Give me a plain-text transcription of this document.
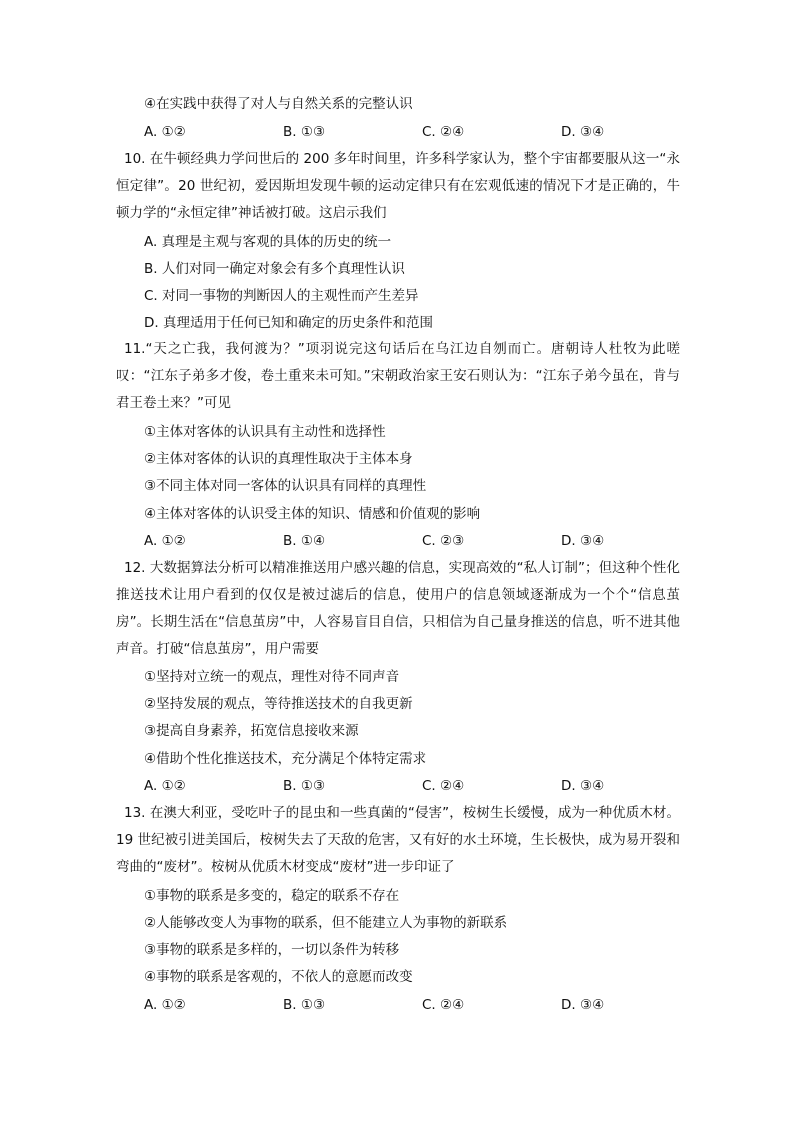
④在实践中获得了对人与自然关系的完整认识
A. ①②	B. ①③	C. ②④	D. ③④
10. 在牛顿经典力学问世后的 200 多年时间里，许多科学家认为，整个宇宙都要服从这一“永恒定律”。20 世纪初，爱因斯坦发现牛顿的运动定律只有在宏观低速的情况下才是正确的，牛顿力学的“永恒定律”神话被打破。这启示我们
A. 真理是主观与客观的具体的历史的统一
B. 人们对同一确定对象会有多个真理性认识
C. 对同一事物的判断因人的主观性而产生差异
D. 真理适用于任何已知和确定的历史条件和范围
11.“天之亡我，我何渡为？”项羽说完这句话后在乌江边自刎而亡。唐朝诗人杜牧为此嗟叹：“江东子弟多才俊，卷土重来未可知。”宋朝政治家王安石则认为：“江东子弟今虽在，肯与君王卷土来？”可见
①主体对客体的认识具有主动性和选择性
②主体对客体的认识的真理性取决于主体本身
③不同主体对同一客体的认识具有同样的真理性
④主体对客体的认识受主体的知识、情感和价值观的影响
A. ①②	B. ①④	C. ②③	D. ③④
12. 大数据算法分析可以精准推送用户感兴趣的信息，实现高效的“私人订制”；但这种个性化推送技术让用户看到的仅仅是被过滤后的信息，使用户的信息领域逐渐成为一个个“信息茧房”。长期生活在“信息茧房”中，人容易盲目自信，只相信为自己量身推送的信息，听不进其他声音。打破“信息茧房”，用户需要
①坚持对立统一的观点，理性对待不同声音
②坚持发展的观点，等待推送技术的自我更新
③提高自身素养，拓宽信息接收来源
④借助个性化推送技术，充分满足个体特定需求
A. ①②	B. ①③	C. ②④	D. ③④
13. 在澳大利亚，受吃叶子的昆虫和一些真菌的“侵害”，桉树生长缓慢，成为一种优质木材。19 世纪被引进美国后，桉树失去了天敌的危害，又有好的水土环境，生长极快，成为易开裂和弯曲的“废材”。桉树从优质木材变成“废材”进一步印证了
①事物的联系是多变的，稳定的联系不存在
②人能够改变人为事物的联系，但不能建立人为事物的新联系
③事物的联系是多样的，一切以条件为转移
④事物的联系是客观的，不依人的意愿而改变
A. ①②	B. ①③	C. ②④	D. ③④
